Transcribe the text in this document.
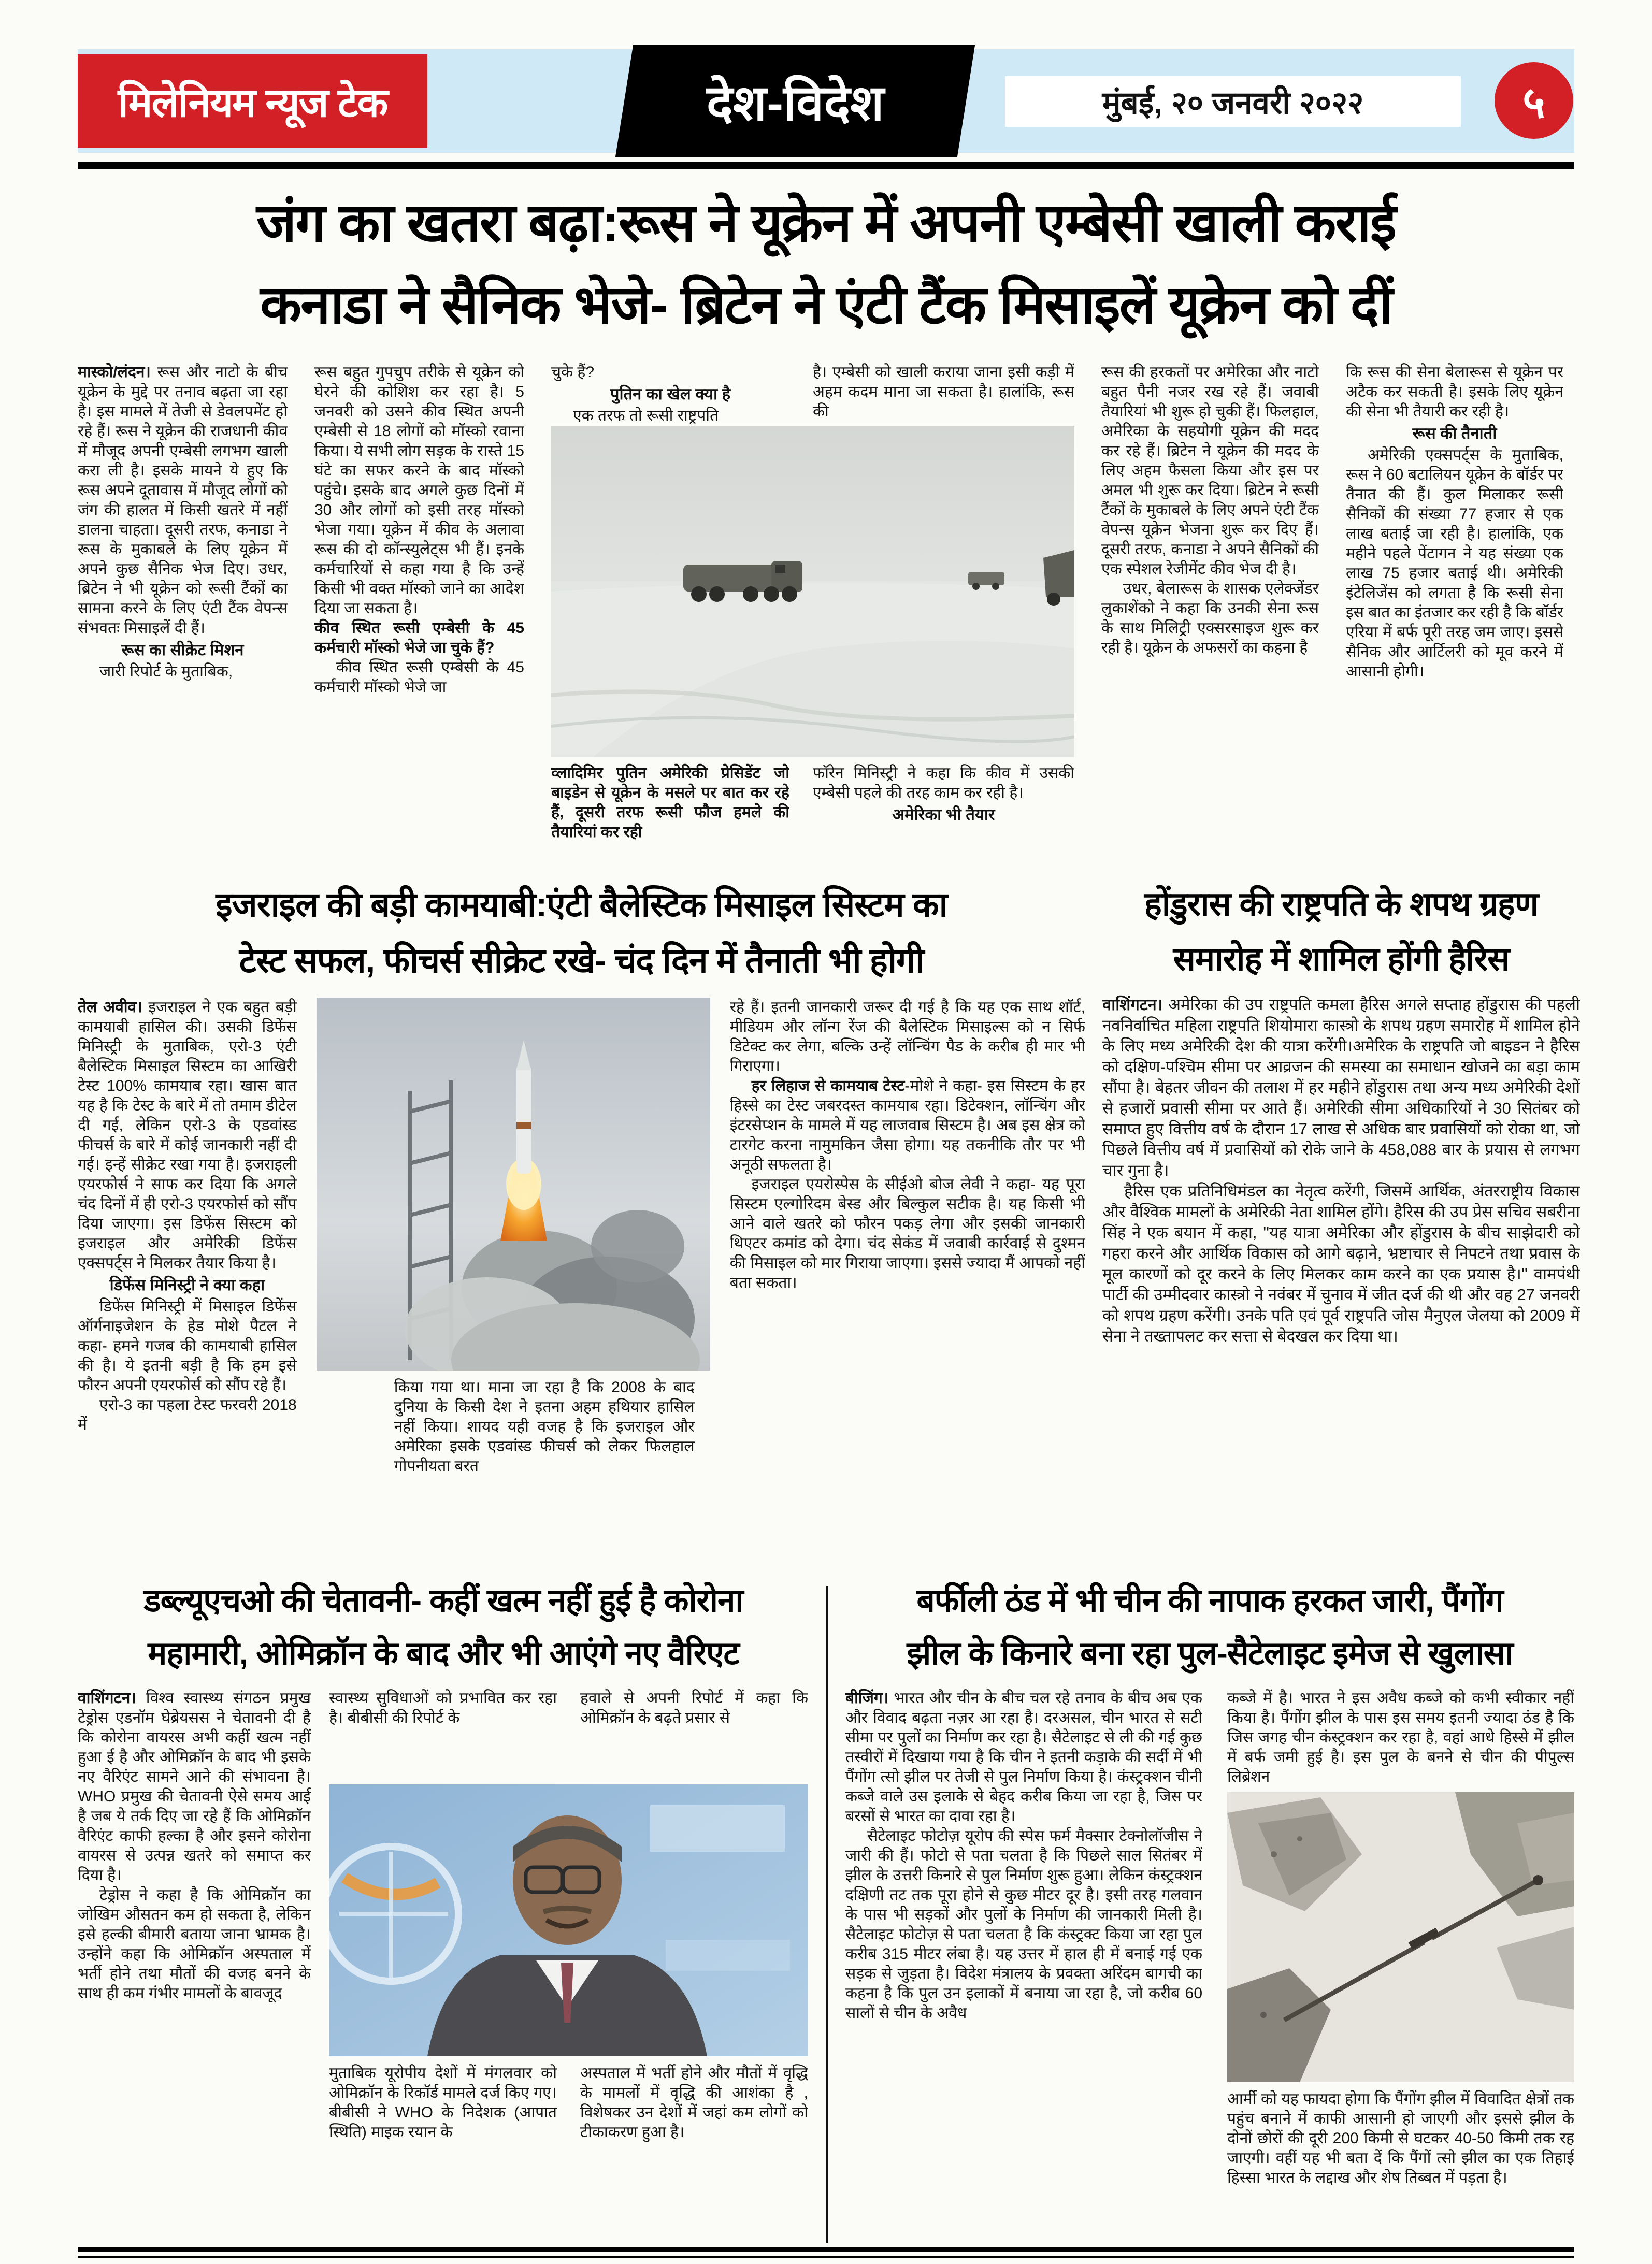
मिलेनियम न्यूज टेक	देश-विदेश	मुंबई, २० जनवरी २०२२	५
जंग का खतरा बढ़ा:रूस ने यूक्रेन में अपनी एम्बेसी खाली कराई
कनाडा ने सैनिक भेजे- ब्रिटेन ने एंटी टैंक मिसाइलें यूक्रेन को दीं

मास्को/लंदन। रूस और नाटो के बीच यूक्रेन के मुद्दे पर तनाव बढ़ता जा रहा है। इस मामले में तेजी से डेवलपमेंट हो रहे हैं। रूस ने यूक्रेन की राजधानी कीव में मौजूद अपनी एम्बेसी लगभग खाली करा ली है। इसके मायने ये हुए कि रूस अपने दूतावास में मौजूद लोगों को जंग की हालत में किसी खतरे में नहीं डालना चाहता। दूसरी तरफ, कनाडा ने रूस के मुकाबले के लिए यूक्रेन में अपने कुछ सैनिक भेज दिए। उधर, ब्रिटेन ने भी यूक्रेन को रूसी टैंकों का सामना करने के लिए एंटी टैंक वेपन्स संभवतः मिसाइलें दी हैं।

रूस का सीक्रेट मिशन

जारी रिपोर्ट के मुताबिक,

रूस बहुत गुपचुप तरीके से यूक्रेन को घेरने की कोशिश कर रहा है। 5 जनवरी को उसने कीव स्थित अपनी एम्बेसी से 18 लोगों को मॉस्को रवाना किया। ये सभी लोग सड़क के रास्ते 15 घंटे का सफर करने के बाद मॉस्को पहुंचे। इसके बाद अगले कुछ दिनों में 30 और लोगों को इसी तरह मॉस्को भेजा गया। यूक्रेन में कीव के अलावा रूस की दो कॉन्स्युलेट्स भी हैं। इनके कर्मचारियों से कहा गया है कि उन्हें किसी भी वक्त मॉस्को जाने का आदेश दिया जा सकता है।

कीव स्थित रूसी एम्बेसी के 45 कर्मचारी मॉस्को भेजे जा चुके हैं?

कीव स्थित रूसी एम्बेसी के 45 कर्मचारी मॉस्को भेजे जा

चुके हैं?

पुतिन का खेल क्या है

एक तरफ तो रूसी राष्ट्रपति

है। एम्बेसी को खाली कराया जाना इसी कड़ी में अहम कदम माना जा सकता है। हालांकि, रूस की

व्लादिमिर पुतिन अमेरिकी प्रेसिडेंट जो बाइडेन से यूक्रेन के मसले पर बात कर रहे हैं, दूसरी तरफ रूसी फौज हमले की तैयारियां कर रही

फॉरेन मिनिस्ट्री ने कहा कि कीव में उसकी एम्बेसी पहले की तरह काम कर रही है।

अमेरिका भी तैयार

रूस की हरकतों पर अमेरिका और नाटो बहुत पैनी नजर रख रहे हैं। जवाबी तैयारियां भी शुरू हो चुकी हैं। फिलहाल, अमेरिका के सहयोगी यूक्रेन की मदद कर रहे हैं। ब्रिटेन ने यूक्रेन की मदद के लिए अहम फैसला किया और इस पर अमल भी शुरू कर दिया। ब्रिटेन ने रूसी टैंकों के मुकाबले के लिए अपने एंटी टैंक वेपन्स यूक्रेन भेजना शुरू कर दिए हैं। दूसरी तरफ, कनाडा ने अपने सैनिकों की एक स्पेशल रेजीमेंट कीव भेज दी है।

उधर, बेलारूस के शासक एलेक्जेंडर लुकाशेंको ने कहा कि उनकी सेना रूस के साथ मिलिट्री एक्सरसाइज शुरू कर रही है। यूक्रेन के अफसरों का कहना है

कि रूस की सेना बेलारूस से यूक्रेन पर अटैक कर सकती है। इसके लिए यूक्रेन की सेना भी तैयारी कर रही है।

रूस की तैनाती

अमेरिकी एक्सपर्ट्स के मुताबिक, रूस ने 60 बटालियन यूक्रेन के बॉर्डर पर तैनात की हैं। कुल मिलाकर रूसी सैनिकों की संख्या 77 हजार से एक लाख बताई जा रही है। हालांकि, एक महीने पहले पेंटागन ने यह संख्या एक लाख 75 हजार बताई थी। अमेरिकी इंटेलिजेंस को लगता है कि रूसी सेना इस बात का इंतजार कर रही है कि बॉर्डर एरिया में बर्फ पूरी तरह जम जाए। इससे सैनिक और आर्टिलरी को मूव करने में आसानी होगी।

इजराइल की बड़ी कामयाबी:एंटी बैलेस्टिक मिसाइल सिस्टम का
टेस्ट सफल, फीचर्स सीक्रेट रखे- चंद दिन में तैनाती भी होगी

तेल अवीव। इजराइल ने एक बहुत बड़ी कामयाबी हासिल की। उसकी डिफेंस मिनिस्ट्री के मुताबिक, एरो-3 एंटी बैलेस्टिक मिसाइल सिस्टम का आखिरी टेस्ट 100% कामयाब रहा। खास बात यह है कि टेस्ट के बारे में तो तमाम डीटेल दी गई, लेकिन एरो-3 के एडवांस्ड फीचर्स के बारे में कोई जानकारी नहीं दी गई। इन्हें सीक्रेट रखा गया है। इजराइली एयरफोर्स ने साफ कर दिया कि अगले चंद दिनों में ही एरो-3 एयरफोर्स को सौंप दिया जाएगा। इस डिफेंस सिस्टम को इजराइल और अमेरिकी डिफेंस एक्सपर्ट्स ने मिलकर तैयार किया है।

डिफेंस मिनिस्ट्री ने क्या कहा

डिफेंस मिनिस्ट्री में मिसाइल डिफेंस ऑर्गनाइजेशन के हेड मोशे पैटल ने कहा- हमने गजब की कामयाबी हासिल की है। ये इतनी बड़ी है कि हम इसे फौरन अपनी एयरफोर्स को सौंप रहे हैं।

एरो-3 का पहला टेस्ट फरवरी 2018 में

किया गया था। माना जा रहा है कि 2008 के बाद दुनिया के किसी देश ने इतना अहम हथियार हासिल नहीं किया। शायद यही वजह है कि इजराइल और अमेरिका इसके एडवांस्ड फीचर्स को लेकर फिलहाल गोपनीयता बरत

रहे हैं। इतनी जानकारी जरूर दी गई है कि यह एक साथ शॉर्ट, मीडियम और लॉन्ग रेंज की बैलेस्टिक मिसाइल्स को न सिर्फ डिटेक्ट कर लेगा, बल्कि उन्हें लॉन्चिंग पैड के करीब ही मार भी गिराएगा।

हर लिहाज से कामयाब टेस्ट-मोशे ने कहा- इस सिस्टम के हर हिस्से का टेस्ट जबरदस्त कामयाब रहा। डिटेक्शन, लॉन्चिंग और इंटरसेप्शन के मामले में यह लाजवाब सिस्टम है। अब इस क्षेत्र को टारगेट करना नामुमकिन जैसा होगा। यह तकनीकि तौर पर भी अनूठी सफलता है।

इजराइल एयरोस्पेस के सीईओ बोज लेवी ने कहा- यह पूरा सिस्टम एल्गोरिदम बेस्ड और बिल्कुल सटीक है। यह किसी भी आने वाले खतरे को फौरन पकड़ लेगा और इसकी जानकारी थिएटर कमांड को देगा। चंद सेकंड में जवाबी कार्रवाई से दुश्मन की मिसाइल को मार गिराया जाएगा। इससे ज्यादा मैं आपको नहीं बता सकता।

होंडुरास की राष्ट्रपति के शपथ ग्रहण
समारोह में शामिल होंगी हैरिस

वाशिंगटन। अमेरिका की उप राष्ट्रपति कमला हैरिस अगले सप्ताह होंडुरास की पहली नवनिर्वाचित महिला राष्ट्रपति शियोमारा कास्त्रो के शपथ ग्रहण समारोह में शामिल होने के लिए मध्य अमेरिकी देश की यात्रा करेंगी।अमेरिक के राष्ट्रपति जो बाइडन ने हैरिस को दक्षिण-पश्चिम सीमा पर आव्रजन की समस्या का समाधान खोजने का बड़ा काम सौंपा है। बेहतर जीवन की तलाश में हर महीने होंडुरास तथा अन्य मध्य अमेरिकी देशों से हजारों प्रवासी सीमा पर आते हैं। अमेरिकी सीमा अधिकारियों ने 30 सितंबर को समाप्त हुए वित्तीय वर्ष के दौरान 17 लाख से अधिक बार प्रवासियों को रोका था, जो पिछले वित्तीय वर्ष में प्रवासियों को रोके जाने के 458,088 बार के प्रयास से लगभग चार गुना है।

हैरिस एक प्रतिनिधिमंडल का नेतृत्व करेंगी, जिसमें आर्थिक, अंतरराष्ट्रीय विकास और वैश्विक मामलों के अमेरिकी नेता शामिल होंगे। हैरिस की उप प्रेस सचिव सबरीना सिंह ने एक बयान में कहा, ''यह यात्रा अमेरिका और होंडुरास के बीच साझेदारी को गहरा करने और आर्थिक विकास को आगे बढ़ाने, भ्रष्टाचार से निपटने तथा प्रवास के मूल कारणों को दूर करने के लिए मिलकर काम करने का एक प्रयास है।'' वामपंथी पार्टी की उम्मीदवार कास्त्रो ने नवंबर में चुनाव में जीत दर्ज की थी और वह 27 जनवरी को शपथ ग्रहण करेंगी। उनके पति एवं पूर्व राष्ट्रपति जोस मैनुएल जेलया को 2009 में सेना ने तख्तापलट कर सत्ता से बेदखल कर दिया था।

डब्ल्यूएचओ की चेतावनी- कहीं खत्म नहीं हुई है कोरोना
महामारी, ओमिक्रॉन के बाद और भी आएंगे नए वैरिएट

वाशिंगटन। विश्व स्वास्थ्य संगठन प्रमुख टेड्रोस एडनॉम घेब्रेयसस ने चेतावनी दी है कि कोरोना वायरस अभी कहीं खत्म नहीं हुआ ई है और ओमिक्रॉन के बाद भी इसके नए वैरिएंट सामने आने की संभावना है। WHO प्रमुख की चेतावनी ऐसे समय आई है जब ये तर्क दिए जा रहे हैं कि ओमिक्रॉन वैरिएंट काफी हल्का है और इसने कोरोना वायरस से उत्पन्न खतरे को समाप्त कर दिया है।

टेड्रोस ने कहा है कि ओमिक्रॉन का जोखिम औसतन कम हो सकता है, लेकिन इसे हल्की बीमारी बताया जाना भ्रामक है। उन्होंने कहा कि ओमिक्रॉन अस्पताल में भर्ती होने तथा मौतों की वजह बनने के साथ ही कम गंभीर मामलों के बावजूद

स्वास्थ्य सुविधाओं को प्रभावित कर रहा है। बीबीसी की रिपोर्ट के

हवाले से अपनी रिपोर्ट में कहा कि ओमिक्रॉन के बढ़ते प्रसार से

मुताबिक यूरोपीय देशों में मंगलवार को ओमिक्रॉन के रिकॉर्ड मामले दर्ज किए गए। बीबीसी ने WHO के निदेशक (आपात स्थिति) माइक रयान के

अस्पताल में भर्ती होने और मौतों में वृद्धि के मामलों में वृद्धि की आशंका है , विशेषकर उन देशों में जहां कम लोगों को टीकाकरण हुआ है।

बर्फीली ठंड में भी चीन की नापाक हरकत जारी, पैंगोंग
झील के किनारे बना रहा पुल-सैटेलाइट इमेज से खुलासा

बीजिंग। भारत और चीन के बीच चल रहे तनाव के बीच अब एक और विवाद बढ़ता नज़र आ रहा है। दरअसल, चीन भारत से सटी सीमा पर पुलों का निर्माण कर रहा है। सैटेलाइट से ली की गई कुछ तस्वीरों में दिखाया गया है कि चीन ने इतनी कड़ाके की सर्दी में भी पैंगोंग त्सो झील पर तेजी से पुल निर्माण किया है। कंस्ट्रक्शन चीनी कब्जे वाले उस इलाके से बेहद करीब किया जा रहा है, जिस पर बरसों से भारत का दावा रहा है।

सैटेलाइट फोटोज़ यूरोप की स्पेस फर्म मैक्सार टेक्नोलॉजीस ने जारी की हैं। फोटो से पता चलता है कि पिछले साल सितंबर में झील के उत्तरी किनारे से पुल निर्माण शुरू हुआ। लेकिन कंस्ट्रक्शन दक्षिणी तट तक पूरा होने से कुछ मीटर दूर है। इसी तरह गलवान के पास भी सड़कों और पुलों के निर्माण की जानकारी मिली है। सैटेलाइट फोटोज़ से पता चलता है कि कंस्ट्रक्ट किया जा रहा पुल करीब 315 मीटर लंबा है। यह उत्तर में हाल ही में बनाई गई एक सड़क से जुड़ता है। विदेश मंत्रालय के प्रवक्ता अरिंदम बागची का कहना है कि पुल उन इलाकों में बनाया जा रहा है, जो करीब 60 सालों से चीन के अवैध

कब्जे में है। भारत ने इस अवैध कब्जे को कभी स्वीकार नहीं किया है। पैंगोंग झील के पास इस समय इतनी ज्यादा ठंड है कि जिस जगह चीन कंस्ट्रक्शन कर रहा है, वहां आधे हिस्से में झील में बर्फ जमी हुई है। इस पुल के बनने से चीन की पीपुल्स लिब्रेशन

आर्मी को यह फायदा होगा कि पैंगोंग झील में विवादित क्षेत्रों तक पहुंच बनाने में काफी आसानी हो जाएगी और इससे झील के दोनों छोरों की दूरी 200 किमी से घटकर 40-50 किमी तक रह जाएगी। वहीं यह भी बता दें कि पैंगों त्सो झील का एक तिहाई हिस्सा भारत के लद्दाख और शेष तिब्बत में पड़ता है।
